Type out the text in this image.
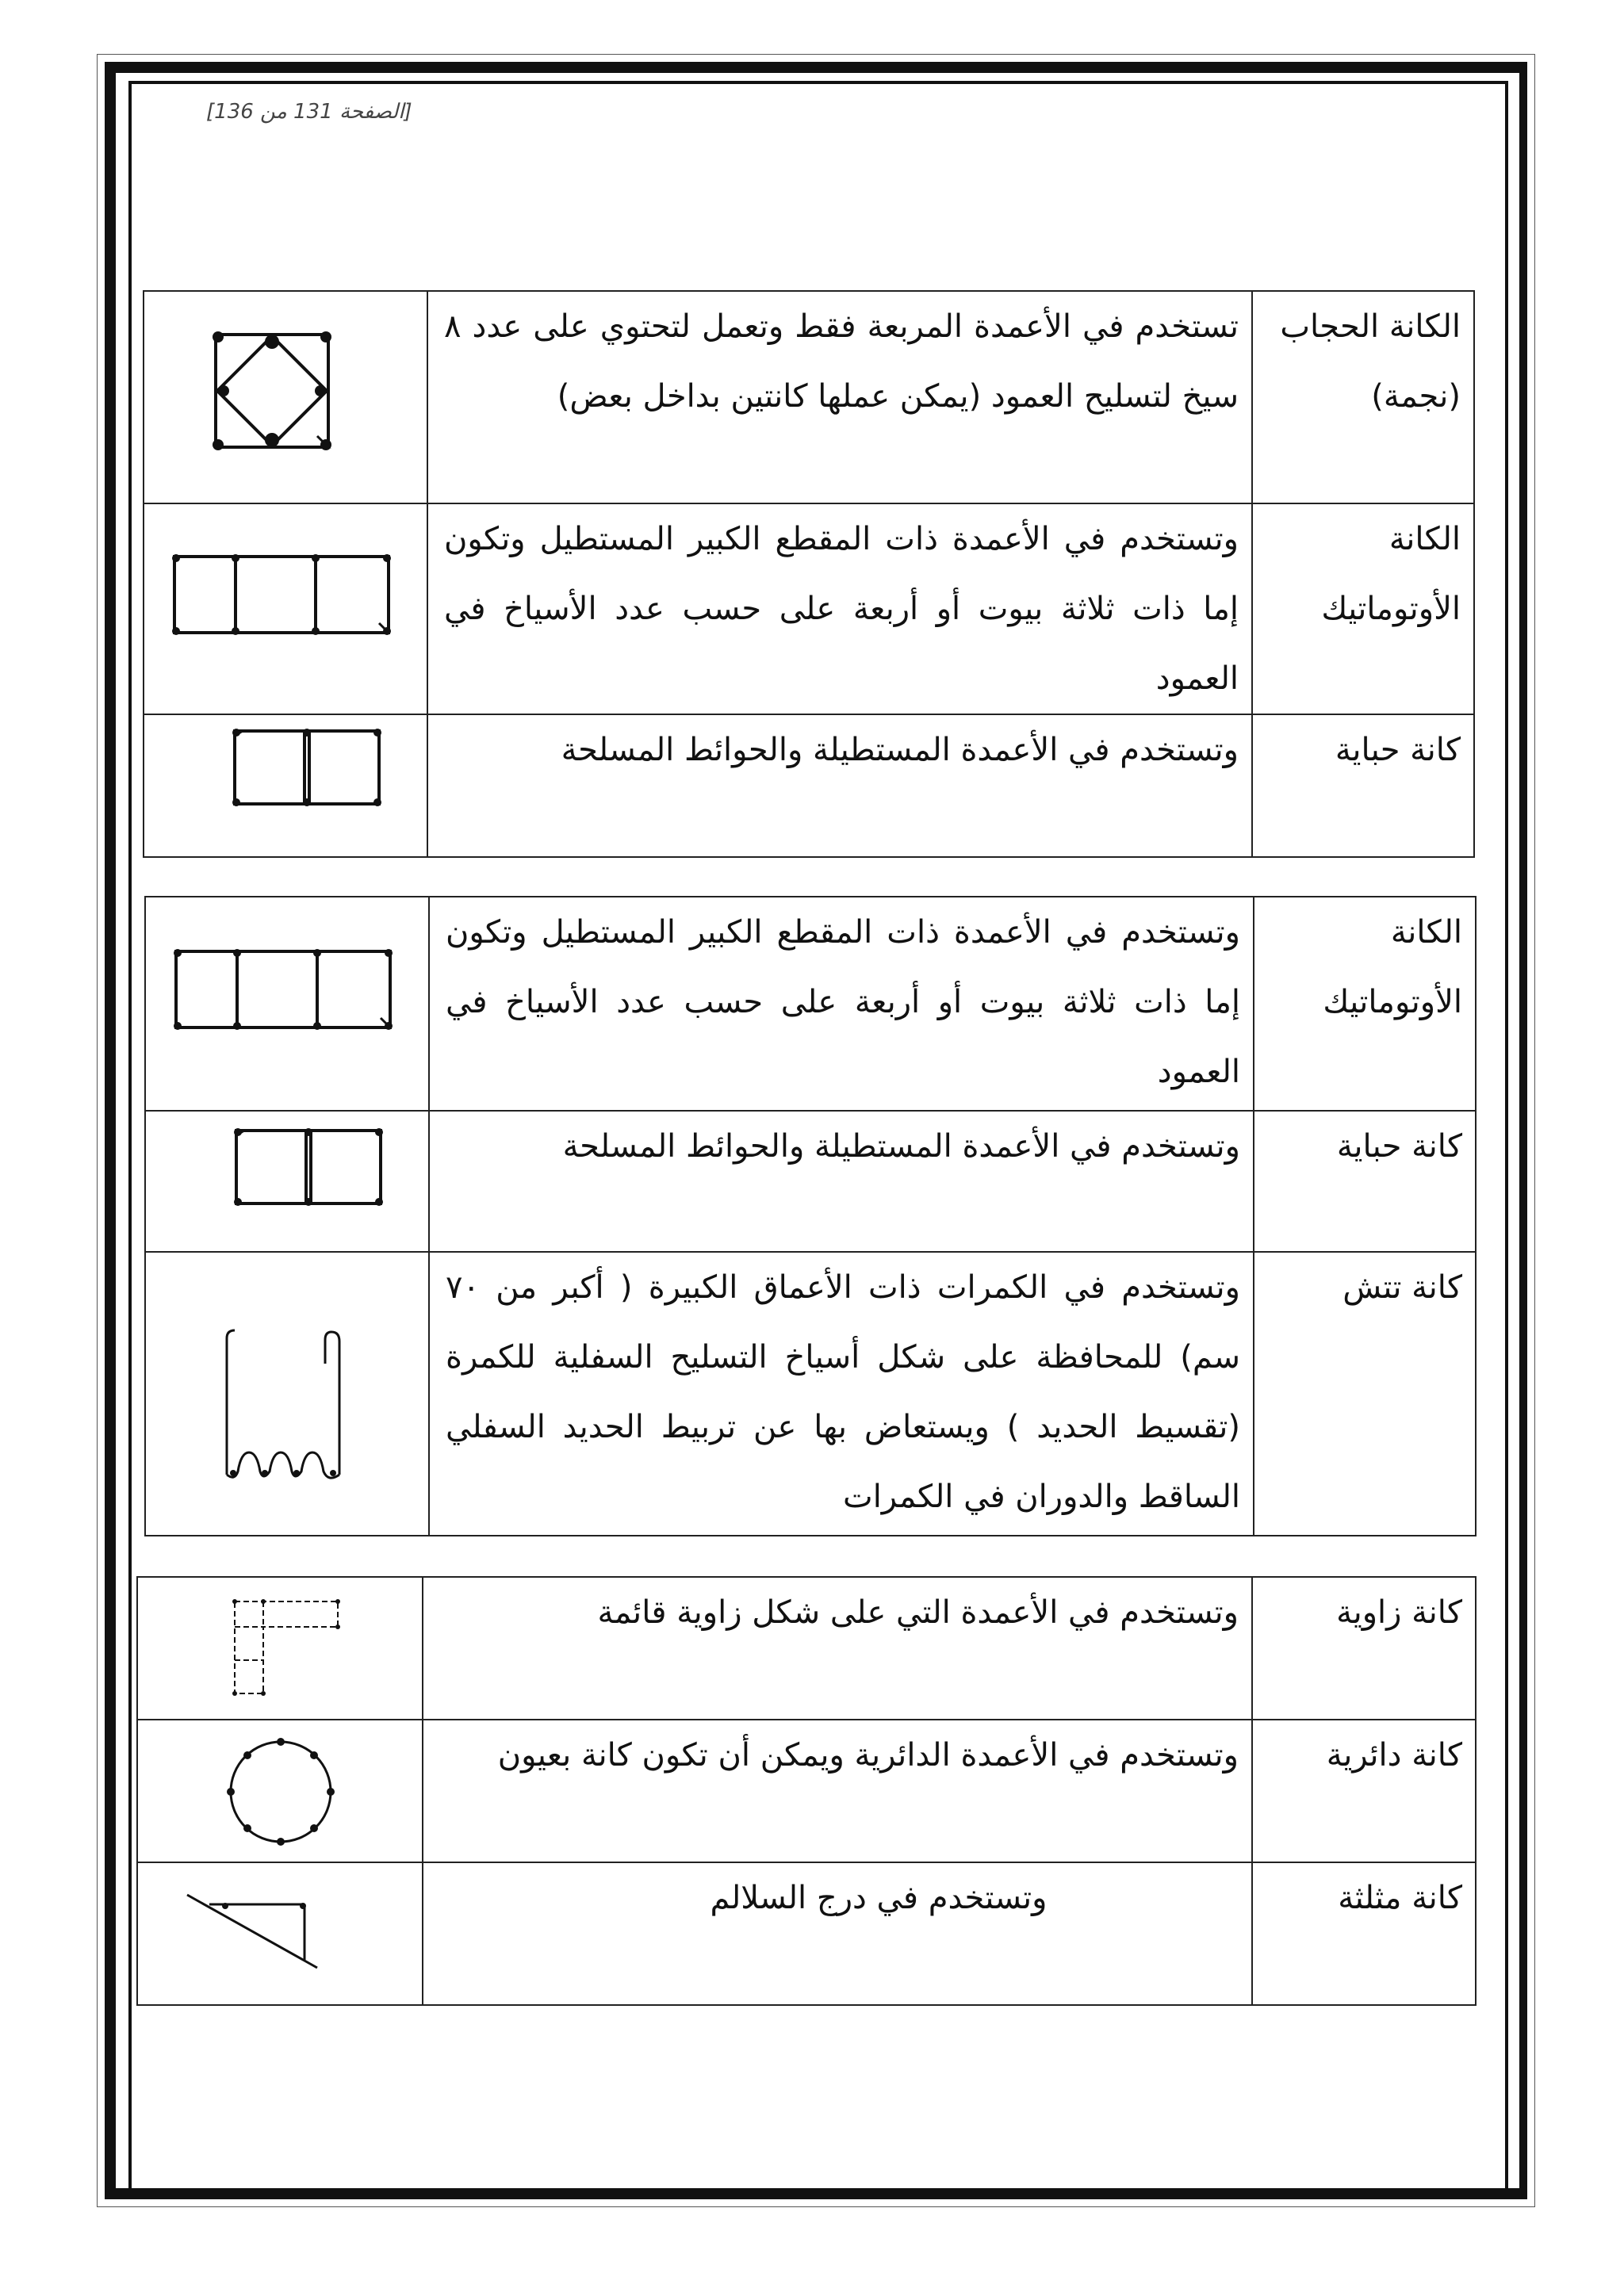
[الصفحة 131 من 136]
الكانة الحجاب (نجمة)	تستخدم في الأعمدة المربعة فقط وتعمل لتحتوي على عدد ٨ سيخ لتسليح العمود (يمكن عملها كانتين بداخل بعض)	

الكانة الأوتوماتيك	وتستخدم في الأعمدة ذات المقطع الكبير المستطيل وتكون إما ذات ثلاثة بيوت أو أربعة على حسب عدد الأسياخ في العمود	

كانة حباية	وتستخدم في الأعمدة المستطيلة والحوائط المسلحة	
الكانة الأوتوماتيك	وتستخدم في الأعمدة ذات المقطع الكبير المستطيل وتكون إما ذات ثلاثة بيوت أو أربعة على حسب عدد الأسياخ في العمود	

كانة حباية	وتستخدم في الأعمدة المستطيلة والحوائط المسلحة	

كانة تتش	وتستخدم في الكمرات ذات الأعماق الكبيرة ( أكبر من ٧٠ سم) للمحافظة على شكل أسياخ التسليح السفلية للكمرة (تقسيط الحديد ) ويستعاض بها عن تربيط الحديد السفلي الساقط والدوران في الكمرات	
كانة زاوية	وتستخدم في الأعمدة التي على شكل زاوية قائمة	

كانة دائرية	وتستخدم في الأعمدة الدائرية ويمكن أن تكون كانة بعيون	

كانة مثلثة	وتستخدم في درج السلالم	
